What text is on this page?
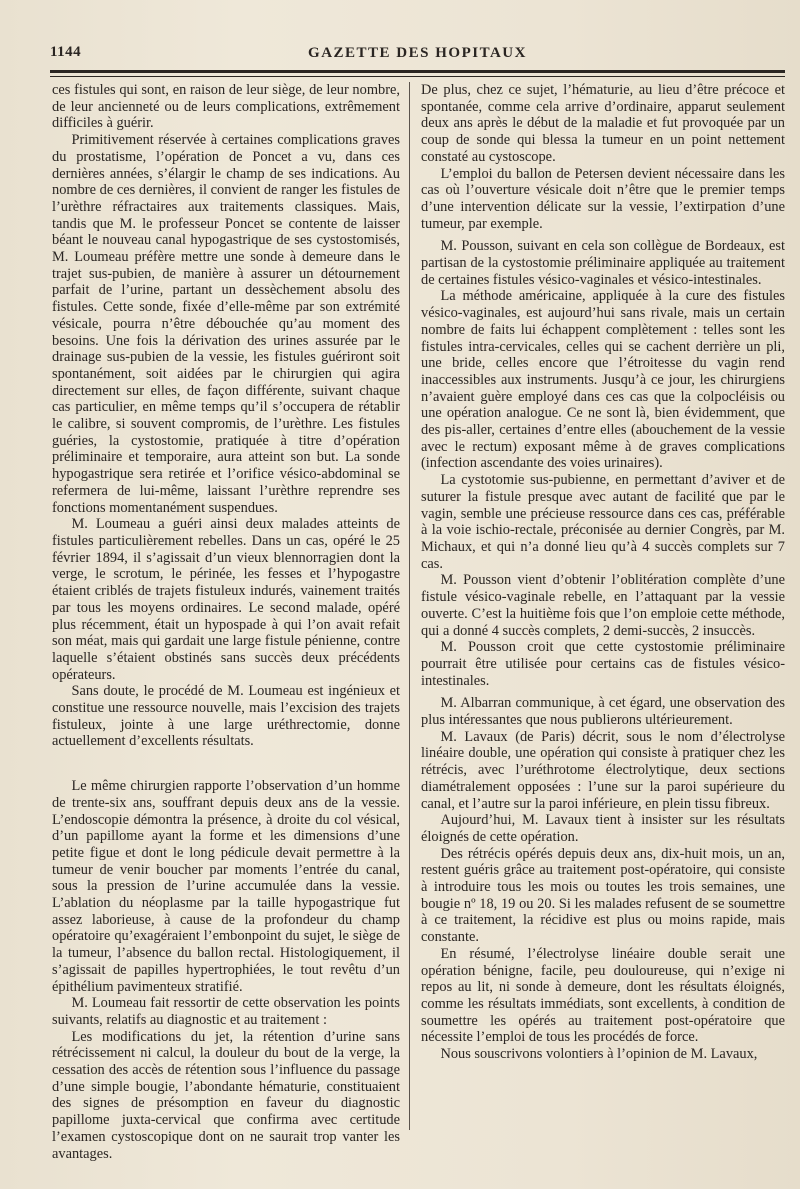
1144	GAZETTE DES HOPITAUX

ces fistules qui sont, en raison de leur siège, de leur nombre, de leur ancienneté ou de leurs complications, extrêmement difficiles à guérir.

Primitivement réservée à certaines complications graves du prostatisme, l’opération de Poncet a vu, dans ces dernières années, s’élargir le champ de ses indications. Au nombre de ces dernières, il convient de ranger les fistules de l’urèthre réfractaires aux traitements classiques. Mais, tandis que M. le professeur Poncet se contente de laisser béant le nouveau canal hypogastrique de ses cystostomisés, M. Loumeau préfère mettre une sonde à demeure dans le trajet sus-pubien, de manière à assurer un détournement parfait de l’urine, partant un dessèchement absolu des fistules. Cette sonde, fixée d’elle-même par son extrémité vésicale, pourra n’être débouchée qu’au moment des besoins. Une fois la dérivation des urines assurée par le drainage sus-pubien de la vessie, les fistules guériront soit spontanément, soit aidées par le chirurgien qui agira directement sur elles, de façon différente, suivant chaque cas particulier, en même temps qu’il s’occupera de rétablir le calibre, si souvent compromis, de l’urèthre. Les fistules guéries, la cystostomie, pratiquée à titre d’opération préliminaire et temporaire, aura atteint son but. La sonde hypogastrique sera retirée et l’orifice vésico-abdominal se refermera de lui-même, laissant l’urèthre reprendre ses fonctions momentanément suspendues.

M. Loumeau a guéri ainsi deux malades atteints de fistules particulièrement rebelles. Dans un cas, opéré le 25 février 1894, il s’agissait d’un vieux blennorragien dont la verge, le scrotum, le périnée, les fesses et l’hypogastre étaient criblés de trajets fistuleux indurés, vainement traités par tous les moyens ordinaires. Le second malade, opéré plus récemment, était un hypospade à qui l’on avait refait son méat, mais qui gardait une large fistule pénienne, contre laquelle s’étaient obstinés sans succès deux précédents opérateurs.

Sans doute, le procédé de M. Loumeau est ingénieux et constitue une ressource nouvelle, mais l’excision des trajets fistuleux, jointe à une large uréthrectomie, donne actuellement d’excellents résultats.

Le même chirurgien rapporte l’observation d’un homme de trente-six ans, souffrant depuis deux ans de la vessie. L’endoscopie démontra la présence, à droite du col vésical, d’un papillome ayant la forme et les dimensions d’une petite figue et dont le long pédicule devait permettre à la tumeur de venir boucher par moments l’entrée du canal, sous la pression de l’urine accumulée dans la vessie. L’ablation du néoplasme par la taille hypogastrique fut assez laborieuse, à cause de la profondeur du champ opératoire qu’exagéraient l’embonpoint du sujet, le siège de la tumeur, l’absence du ballon rectal. Histologiquement, il s’agissait de papilles hypertrophiées, le tout revêtu d’un épithélium pavimenteux stratifié.

M. Loumeau fait ressortir de cette observation les points suivants, relatifs au diagnostic et au traitement :

Les modifications du jet, la rétention d’urine sans rétrécissement ni calcul, la douleur du bout de la verge, la cessation des accès de rétention sous l’influence du passage d’une simple bougie, l’abondante hématurie, constituaient des signes de présomption en faveur du diagnostic papillome juxta-cervical que confirma avec certitude l’examen cystoscopique dont on ne saurait trop vanter les avantages.

De plus, chez ce sujet, l’hématurie, au lieu d’être précoce et spontanée, comme cela arrive d’ordinaire, apparut seulement deux ans après le début de la maladie et fut provoquée par un coup de sonde qui blessa la tumeur en un point nettement constaté au cystoscope.

L’emploi du ballon de Petersen devient nécessaire dans les cas où l’ouverture vésicale doit n’être que le premier temps d’une intervention délicate sur la vessie, l’extirpation d’une tumeur, par exemple.

M. Pousson, suivant en cela son collègue de Bordeaux, est partisan de la cystostomie préliminaire appliquée au traitement de certaines fistules vésico-vaginales et vésico-intestinales.

La méthode américaine, appliquée à la cure des fistules vésico-vaginales, est aujourd’hui sans rivale, mais un certain nombre de faits lui échappent complètement : telles sont les fistules intra-cervicales, celles qui se cachent derrière un pli, une bride, celles encore que l’étroitesse du vagin rend inaccessibles aux instruments. Jusqu’à ce jour, les chirurgiens n’avaient guère employé dans ces cas que la colpocléisis ou une opération analogue. Ce ne sont là, bien évidemment, que des pis-aller, certaines d’entre elles (abouchement de la vessie avec le rectum) exposant même à de graves complications (infection ascendante des voies urinaires).

La cystotomie sus-pubienne, en permettant d’aviver et de suturer la fistule presque avec autant de facilité que par le vagin, semble une précieuse ressource dans ces cas, préférable à la voie ischio-rectale, préconisée au dernier Congrès, par M. Michaux, et qui n’a donné lieu qu’à 4 succès complets sur 7 cas.

M. Pousson vient d’obtenir l’oblitération complète d’une fistule vésico-vaginale rebelle, en l’attaquant par la vessie ouverte. C’est la huitième fois que l’on emploie cette méthode, qui a donné 4 succès complets, 2 demi-succès, 2 insuccès.

M. Pousson croit que cette cystostomie préliminaire pourrait être utilisée pour certains cas de fistules vésico-intestinales.

M. Albarran communique, à cet égard, une observation des plus intéressantes que nous publierons ultérieurement.

M. Lavaux (de Paris) décrit, sous le nom d’électrolyse linéaire double, une opération qui consiste à pratiquer chez les rétrécis, avec l’uréthrotome électrolytique, deux sections diamétralement opposées : l’une sur la paroi supérieure du canal, et l’autre sur la paroi inférieure, en plein tissu fibreux.

Aujourd’hui, M. Lavaux tient à insister sur les résultats éloignés de cette opération.

Des rétrécis opérés depuis deux ans, dix-huit mois, un an, restent guéris grâce au traitement post-opératoire, qui consiste à introduire tous les mois ou toutes les trois semaines, une bougie nº 18, 19 ou 20. Si les malades refusent de se soumettre à ce traitement, la récidive est plus ou moins rapide, mais constante.

En résumé, l’électrolyse linéaire double serait une opération bénigne, facile, peu douloureuse, qui n’exige ni repos au lit, ni sonde à demeure, dont les résultats éloignés, comme les résultats immédiats, sont excellents, à condition de soumettre les opérés au traitement post-opératoire que nécessite l’emploi de tous les procédés de force.

Nous souscrivons volontiers à l’opinion de M. Lavaux,
